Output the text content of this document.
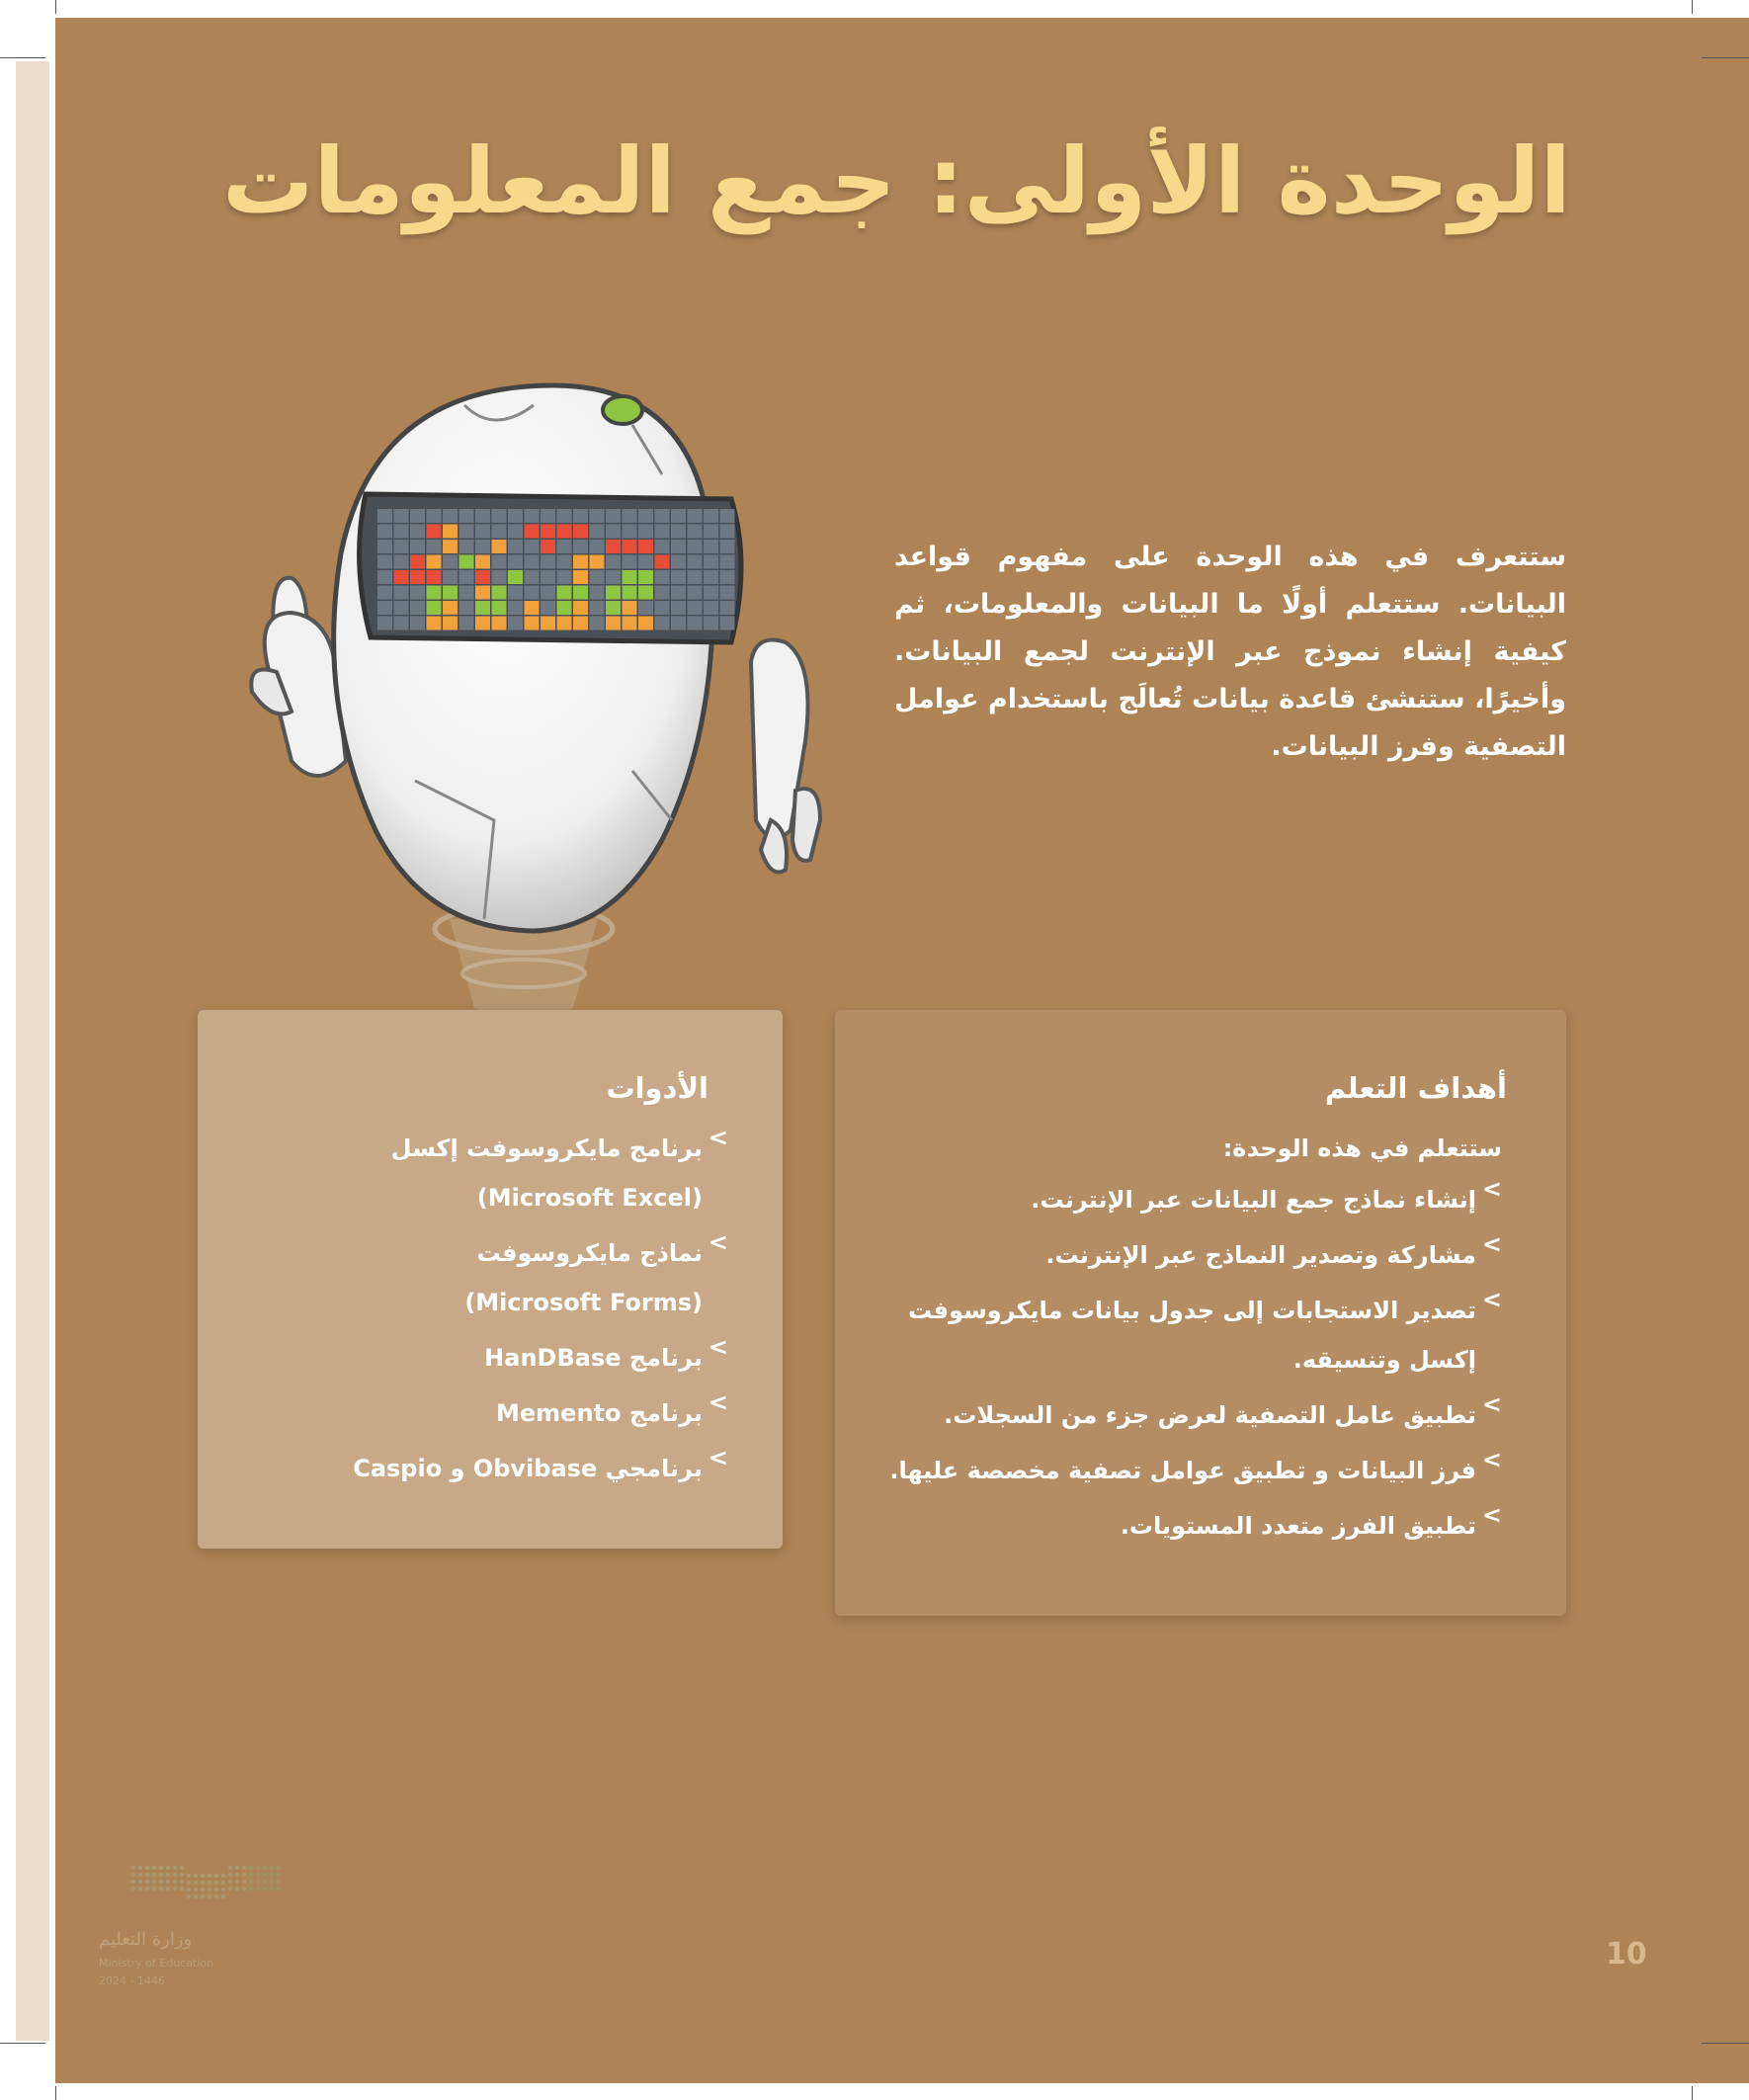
الوحدة الأولى: جمع المعلومات

ستتعرف في هذه الوحدة على مفهوم قواعد البيانات. ستتعلم أولًا ما البيانات والمعلومات، ثم كيفية إنشاء نموذج عبر الإنترنت لجمع البيانات. وأخيرًا، ستنشئ قاعدة بيانات تُعالَج باستخدام عوامل التصفية وفرز البيانات.

أهداف التعلم
ستتعلم في هذه الوحدة:
>
إنشاء نماذج جمع البيانات عبر الإنترنت.
>
مشاركة وتصدير النماذج عبر الإنترنت.
>
تصدير الاستجابات إلى جدول بيانات مايكروسوفت إكسل وتنسيقه.
>
تطبيق عامل التصفية لعرض جزء من السجلات.
>
فرز البيانات و تطبيق عوامل تصفية مخصصة عليها.
>
تطبيق الفرز متعدد المستويات.
الأدوات
>
برنامج مايكروسوفت إكسل (Microsoft Excel)
>
نماذج مايكروسوفت (Microsoft Forms)
>
برنامج HanDBase
>
برنامج Memento
>
برنامجي Obvibase و Caspio
وزارة التعليم
Ministry of Education
2024 - 1446
10
